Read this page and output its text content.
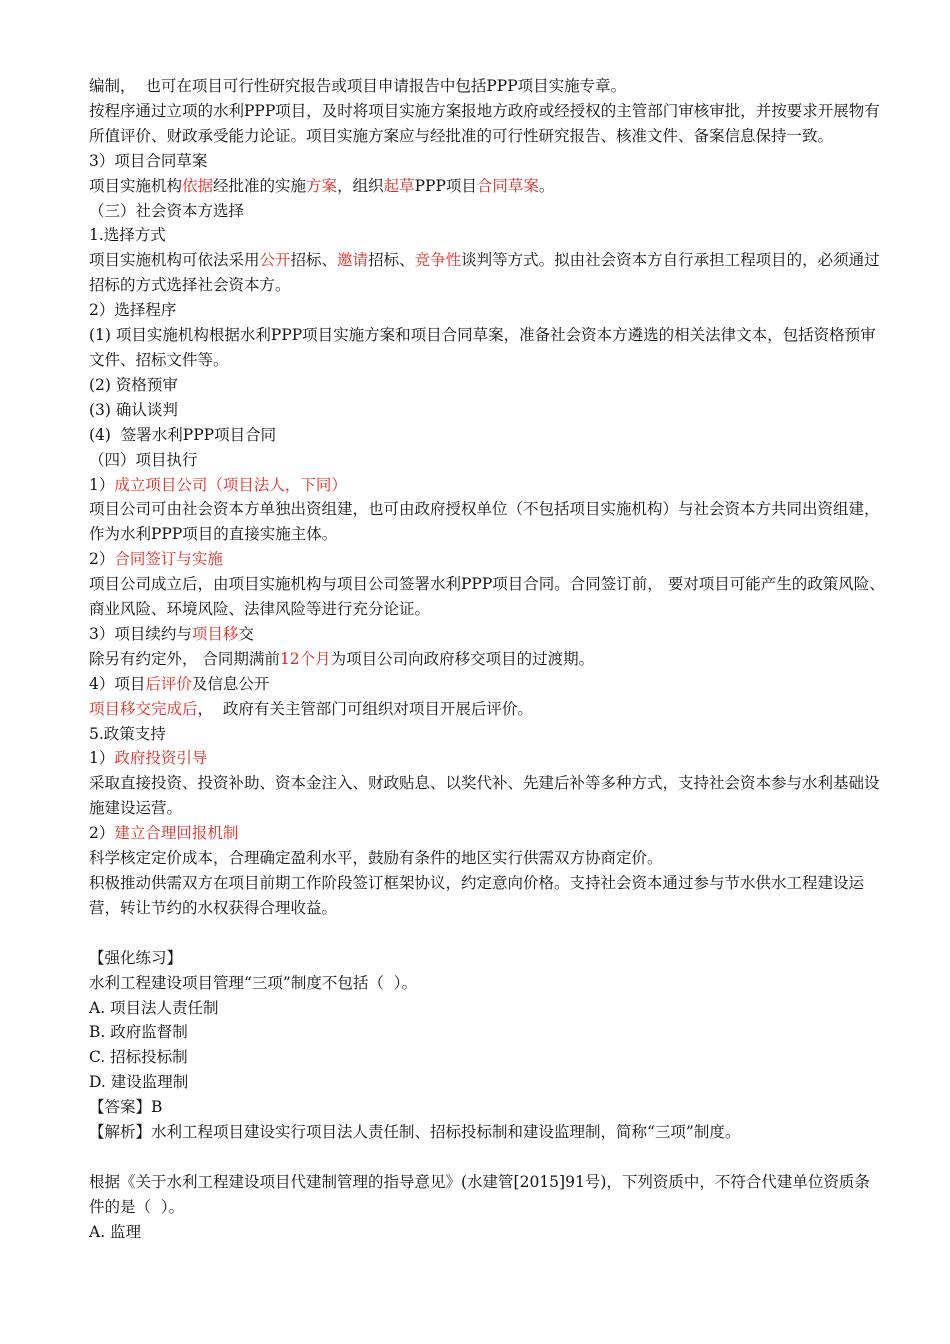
编制，  也可在项目可行性研究报告或项目申请报告中包括PPP项目实施专章。
按程序通过立项的水利PPP项目，及时将项目实施方案报地方政府或经授权的主管部门审核审批，并按要求开展物有所值评价、财政承受能力论证。项目实施方案应与经批准的可行性研究报告、核准文件、备案信息保持一致。
3）项目合同草案
项目实施机构依据经批准的实施方案，组织起草PPP项目合同草案。
（三）社会资本方选择
1.选择方式
项目实施机构可依法采用公开招标、邀请招标、竞争性谈判等方式。拟由社会资本方自行承担工程项目的，必须通过招标的方式选择社会资本方。
2）选择程序
(1) 项目实施机构根据水利PPP项目实施方案和项目合同草案，准备社会资本方遴选的相关法律文本，包括资格预审文件、招标文件等。
(2) 资格预审
(3) 确认谈判
(4)  签署水利PPP项目合同
（四）项目执行
1）成立项目公司（项目法人，下同）
项目公司可由社会资本方单独出资组建，也可由政府授权单位（不包括项目实施机构）与社会资本方共同出资组建，作为水利PPP项目的直接实施主体。
2）合同签订与实施
项目公司成立后，由项目实施机构与项目公司签署水利PPP项目合同。合同签订前， 要对项目可能产生的政策风险、商业风险、环境风险、法律风险等进行充分论证。
3）项目续约与项目移交
除另有约定外， 合同期满前12个月为项目公司向政府移交项目的过渡期。
4）项目后评价及信息公开
项目移交完成后，  政府有关主管部门可组织对项目开展后评价。
5.政策支持
1）政府投资引导
采取直接投资、投资补助、资本金注入、财政贴息、以奖代补、先建后补等多种方式，支持社会资本参与水利基础设施建设运营。
2）建立合理回报机制
科学核定定价成本，合理确定盈利水平，鼓励有条件的地区实行供需双方协商定价。
积极推动供需双方在项目前期工作阶段签订框架协议，约定意向价格。支持社会资本通过参与节水供水工程建设运营，转让节约的水权获得合理收益。
【强化练习】
水利工程建设项目管理“三项”制度不包括（  ）。
A. 项目法人责任制
B. 政府监督制
C. 招标投标制
D. 建设监理制
【答案】B
【解析】水利工程项目建设实行项目法人责任制、招标投标制和建设监理制，简称“三项”制度。
根据《关于水利工程建设项目代建制管理的指导意见》(水建管[2015]91号)，下列资质中，不符合代建单位资质条件的是（  ）。
A. 监理
